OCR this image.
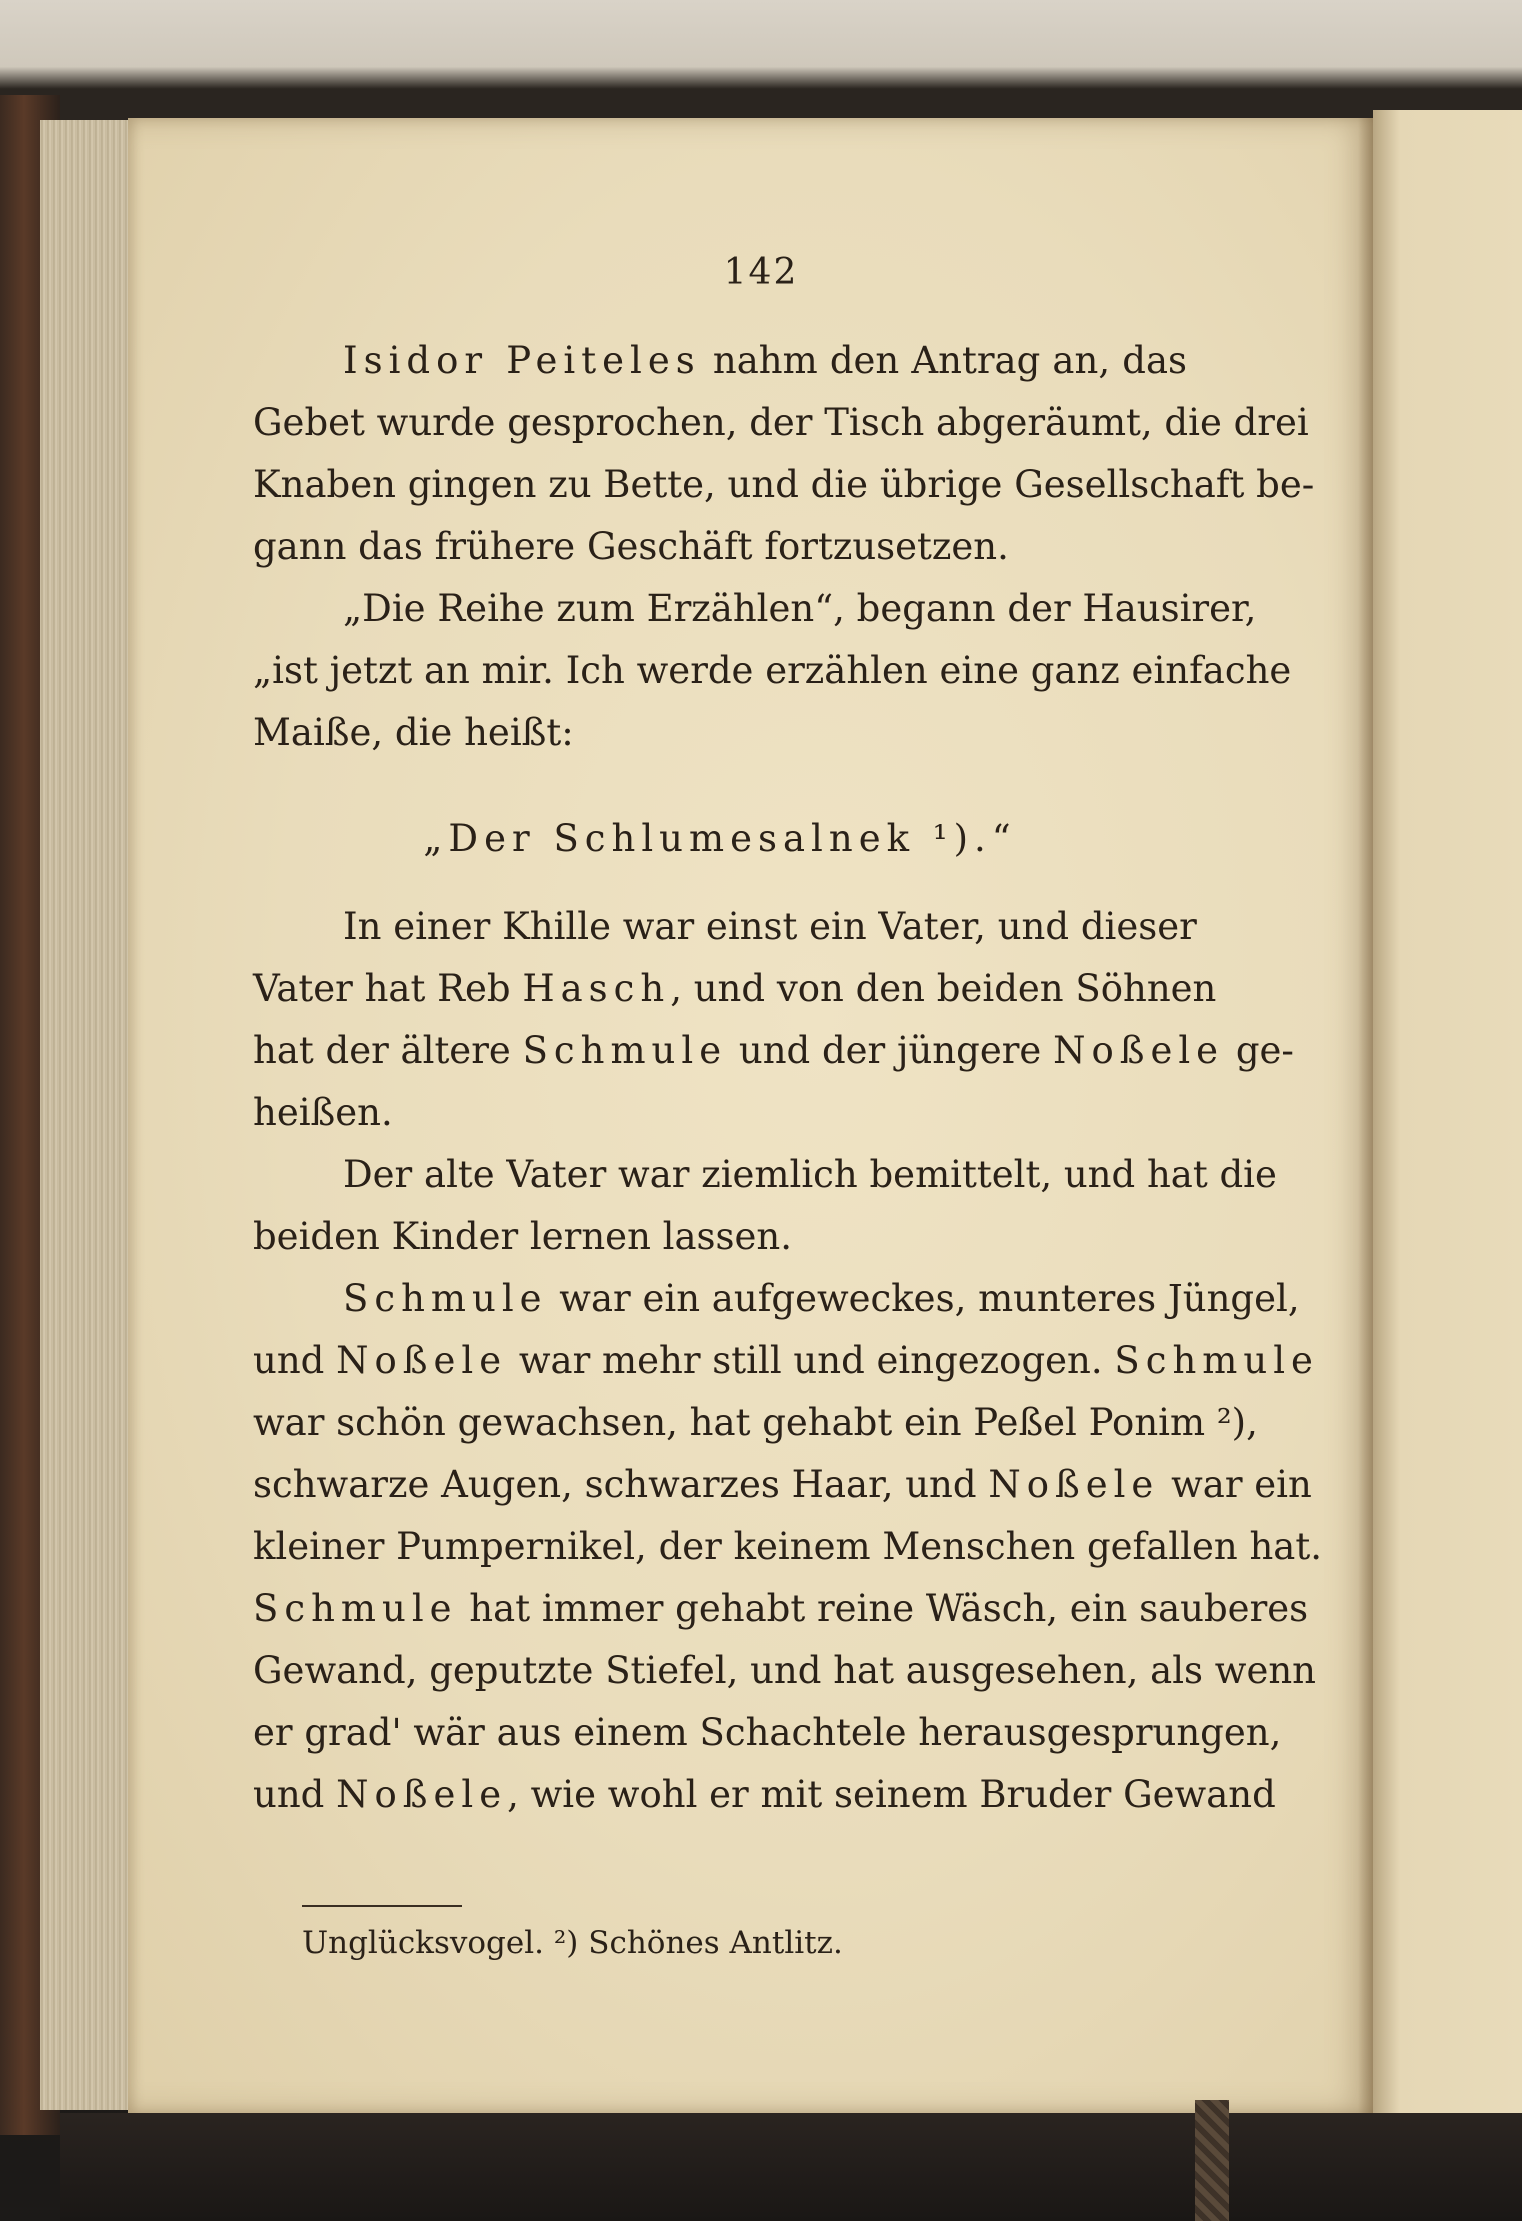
142
Isidor Peiteles nahm den Antrag an, das
Gebet wurde gesprochen, der Tisch abgeräumt, die drei
Knaben gingen zu Bette, und die übrige Gesellschaft be-
gann das frühere Geschäft fortzusetzen.
„Die Reihe zum Erzählen“, begann der Hausirer,
„ist jetzt an mir. Ich werde erzählen eine ganz einfache
Maiße, die heißt:
„Der Schlumesalnek ¹).“
In einer Khille war einst ein Vater, und dieser
Vater hat Reb Hasch, und von den beiden Söhnen
hat der ältere Schmule und der jüngere Noßele ge-
heißen.
Der alte Vater war ziemlich bemittelt, und hat die
beiden Kinder lernen lassen.
Schmule war ein aufgeweckes, munteres Jüngel,
und Noßele war mehr still und eingezogen. Schmule
war schön gewachsen, hat gehabt ein Peßel Ponim ²),
schwarze Augen, schwarzes Haar, und Noßele war ein
kleiner Pumpernikel, der keinem Menschen gefallen hat.
Schmule hat immer gehabt reine Wäsch, ein sauberes
Gewand, geputzte Stiefel, und hat ausgesehen, als wenn
er grad' wär aus einem Schachtele herausgesprungen,
und Noßele, wie wohl er mit seinem Bruder Gewand
Unglücksvogel. ²) Schönes Antlitz.
